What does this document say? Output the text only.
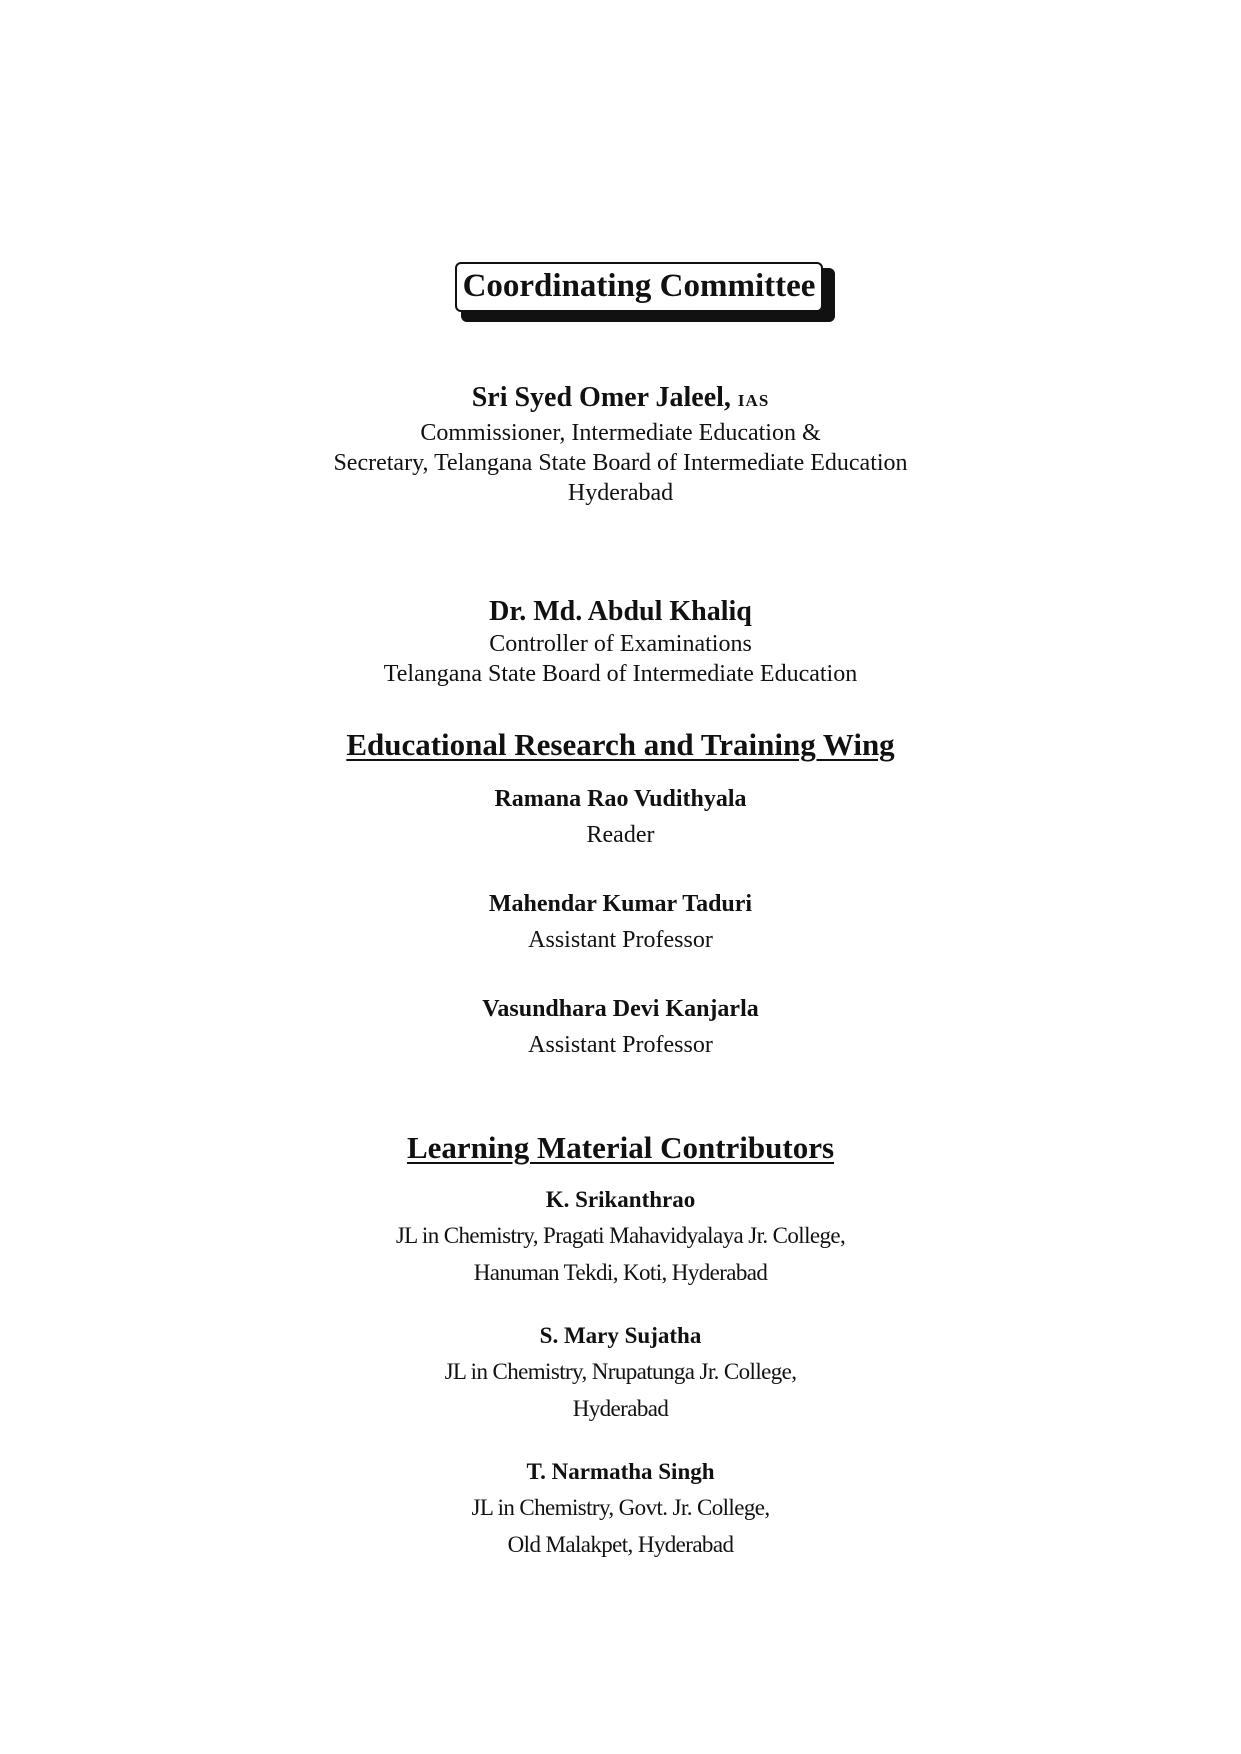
Coordinating Committee
Sri Syed Omer Jaleel, IAS
Commissioner, Intermediate Education &
Secretary, Telangana State Board of Intermediate Education
Hyderabad
Dr. Md. Abdul Khaliq
Controller of Examinations
Telangana State Board of Intermediate Education
Educational Research and Training Wing
Ramana Rao Vudithyala
Reader
Mahendar Kumar Taduri
Assistant Professor
Vasundhara Devi Kanjarla
Assistant Professor
Learning Material Contributors
K. Srikanthrao
JL in Chemistry, Pragati Mahavidyalaya Jr. College,
Hanuman Tekdi, Koti, Hyderabad
S. Mary Sujatha
JL in Chemistry, Nrupatunga Jr. College,
Hyderabad
T. Narmatha Singh
JL in Chemistry, Govt. Jr. College,
Old Malakpet, Hyderabad
